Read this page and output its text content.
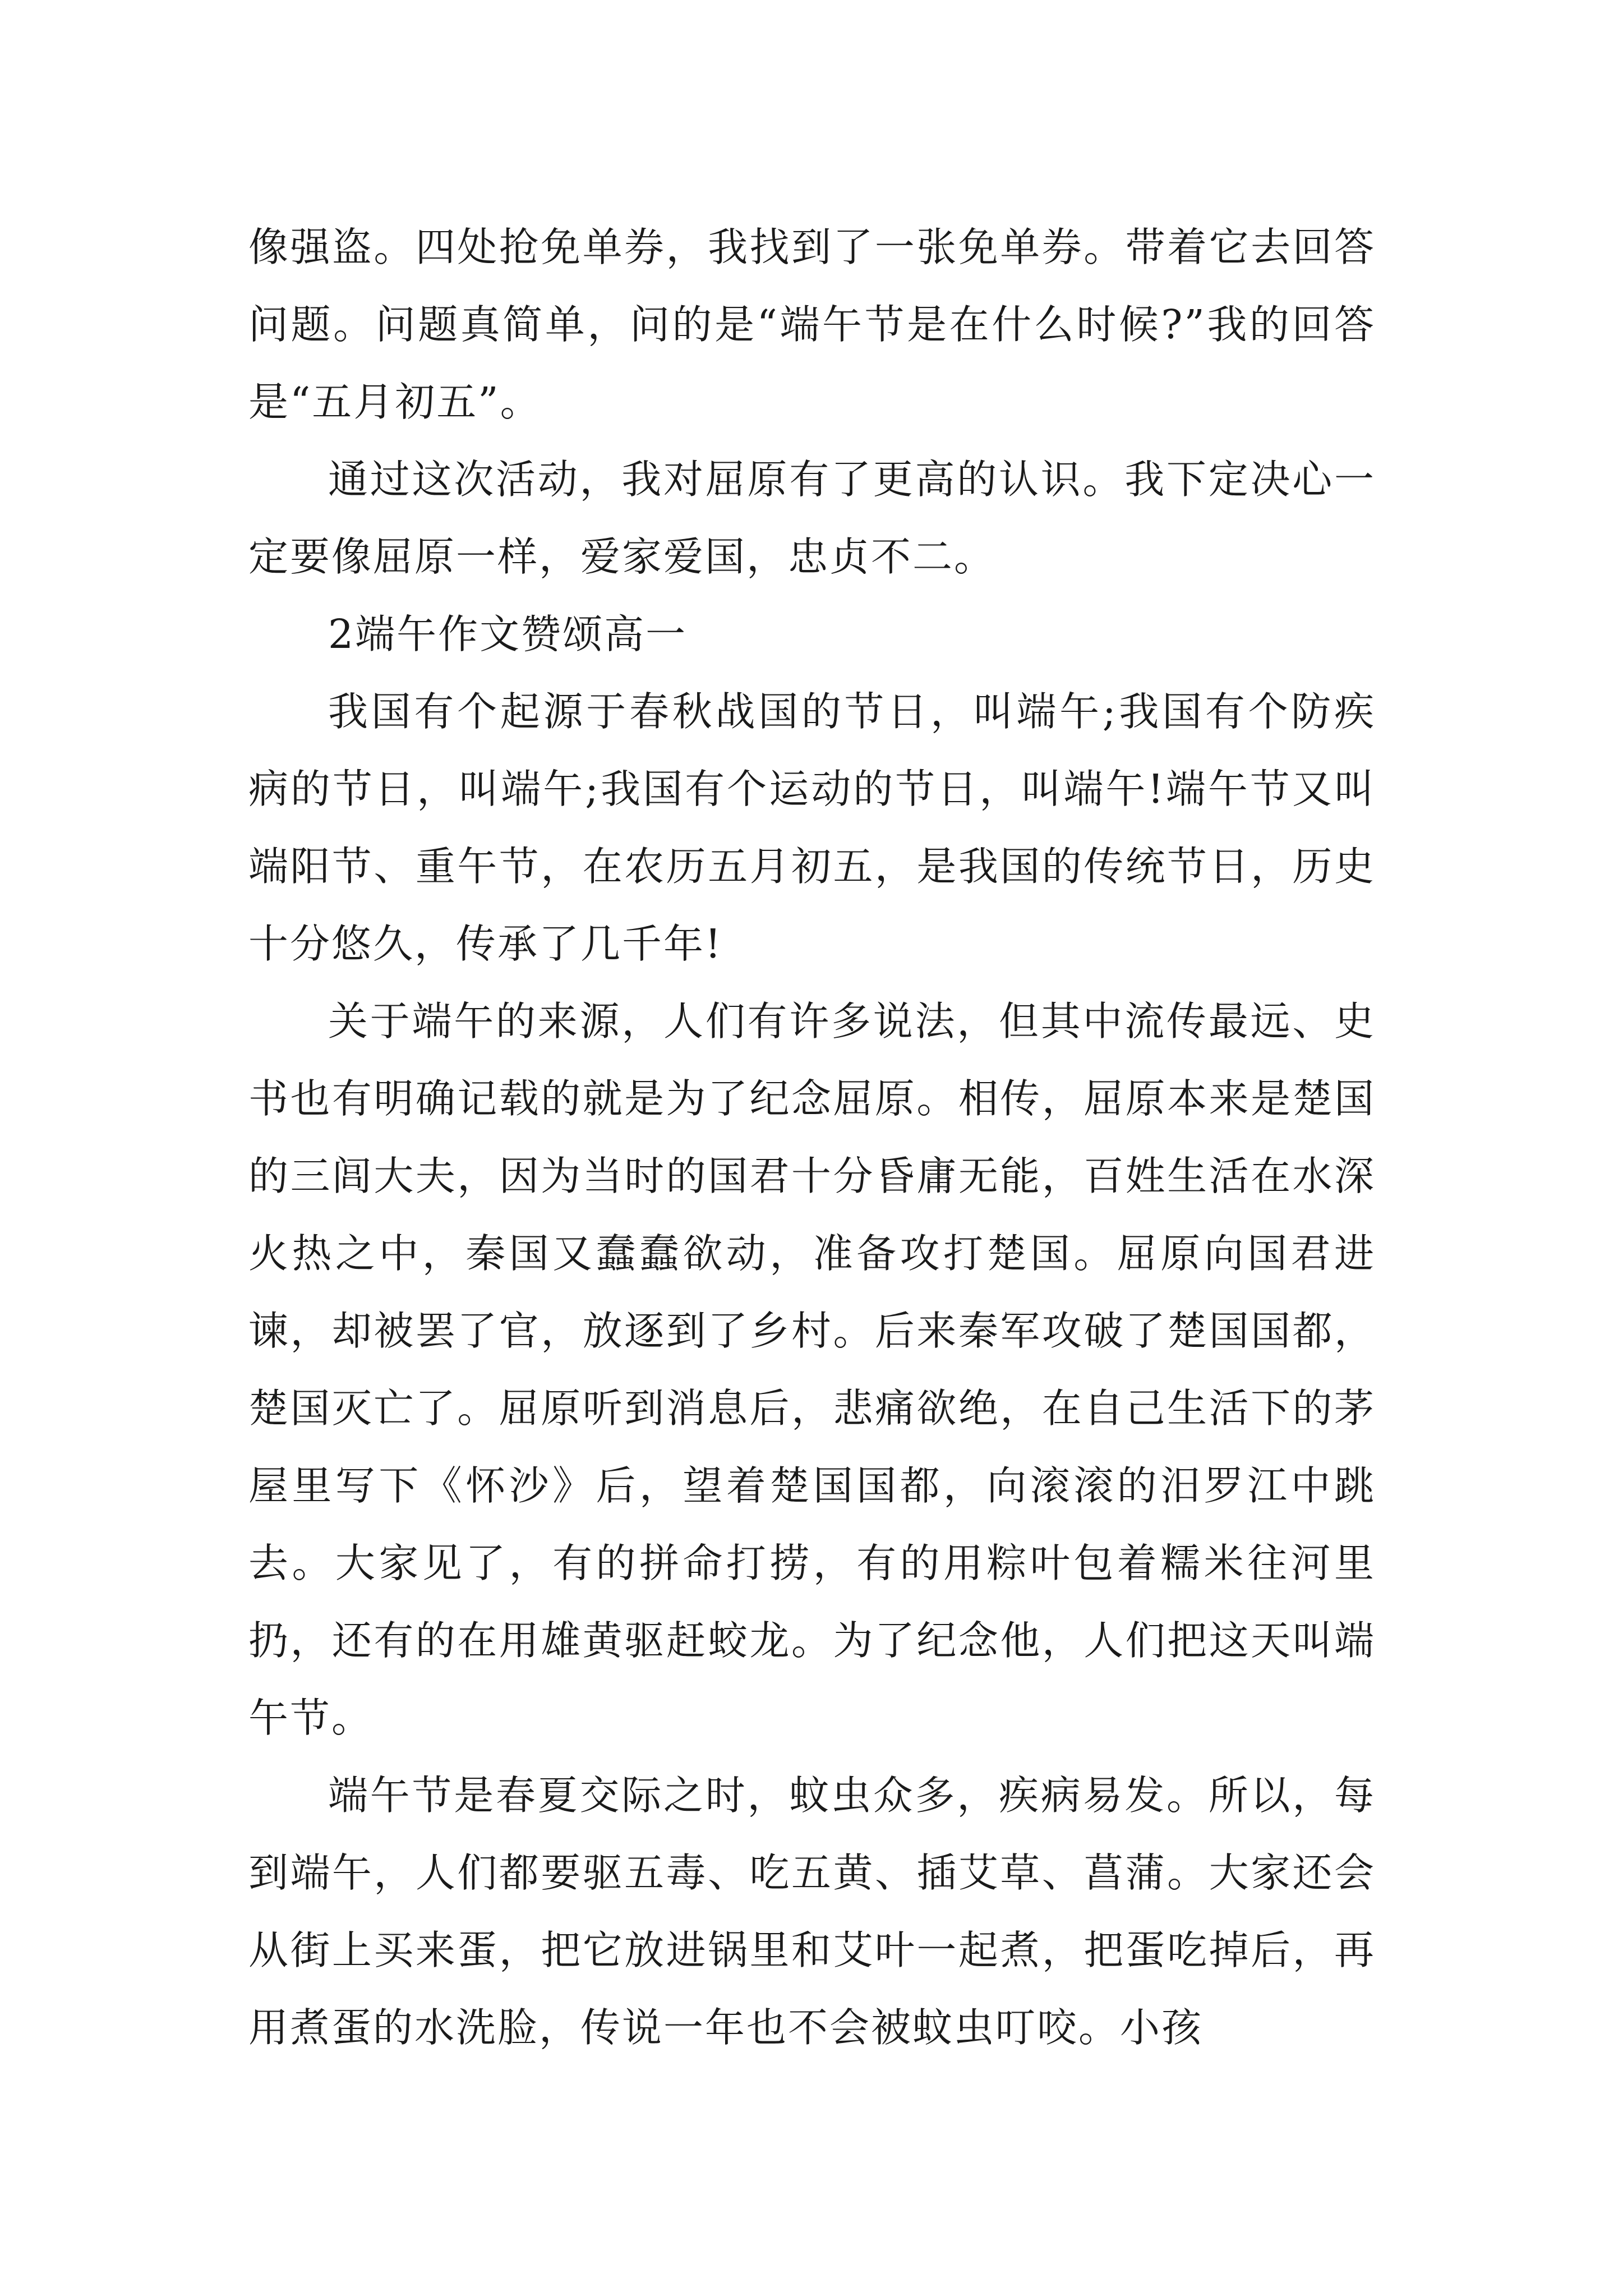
像强盗。四处抢免单券，我找到了一张免单券。带着它去回答问题。问题真简单，问的是“端午节是在什么时候?”我的回答是“五月初五”。

通过这次活动，我对屈原有了更高的认识。我下定决心一定要像屈原一样，爱家爱国，忠贞不二。

2端午作文赞颂高一

我国有个起源于春秋战国的节日，叫端午;我国有个防疾病的节日，叫端午;我国有个运动的节日，叫端午!端午节又叫端阳节、重午节，在农历五月初五，是我国的传统节日，历史十分悠久，传承了几千年!

关于端午的来源，人们有许多说法，但其中流传最远、史书也有明确记载的就是为了纪念屈原。相传，屈原本来是楚国的三闾大夫，因为当时的国君十分昏庸无能，百姓生活在水深火热之中，秦国又蠢蠢欲动，准备攻打楚国。屈原向国君进谏，却被罢了官，放逐到了乡村。后来秦军攻破了楚国国都，楚国灭亡了。屈原听到消息后，悲痛欲绝，在自己生活下的茅屋里写下《怀沙》后，望着楚国国都，向滚滚的汨罗江中跳去。大家见了，有的拼命打捞，有的用粽叶包着糯米往河里扔，还有的在用雄黄驱赶蛟龙。为了纪念他，人们把这天叫端午节。

端午节是春夏交际之时，蚊虫众多，疾病易发。所以，每到端午，人们都要驱五毒、吃五黄、插艾草、菖蒲。大家还会从街上买来蛋，把它放进锅里和艾叶一起煮，把蛋吃掉后，再用煮蛋的水洗脸，传说一年也不会被蚊虫叮咬。小孩
